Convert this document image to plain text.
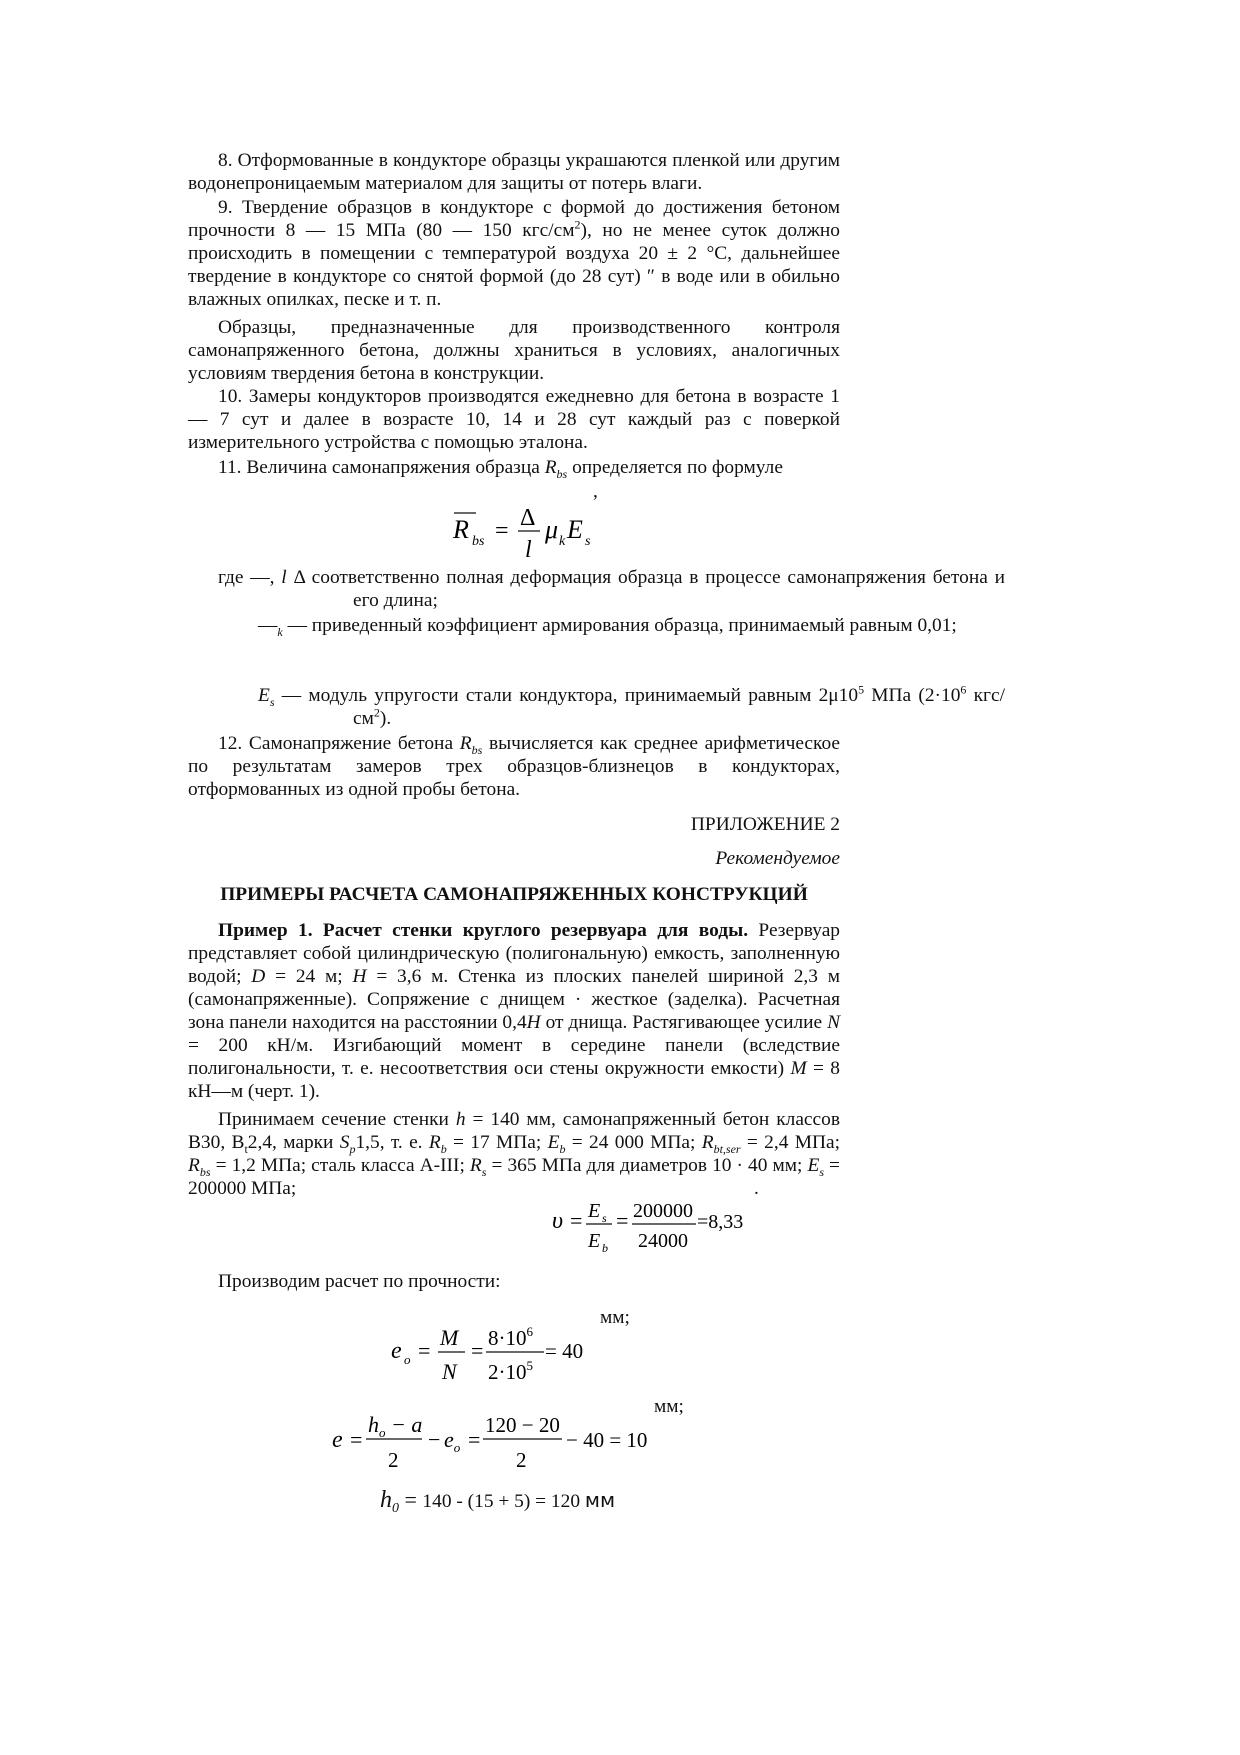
8. Отформованные в кондукторе образцы украшаются пленкой или другим водонепроницаемым материалом для защиты от потерь влаги.

9. Твердение образцов в кондукторе с формой до достижения бетоном прочности 8 — 15 МПа (80 — 150 кгс/$см^2$), но не менее суток должно происходить в помещении с температурой воздуха 20 ± 2 °С, дальнейшее твердение в кондукторе со снятой формой (до 28 сут) ″ в воде или в обильно влажных опилках, песке и т. п.

Образцы, предназначенные для производственного контроля самонапряженного бетона, должны храниться в условиях, аналогичных условиям твердения бетона в конструкции.

10. Замеры кондукторов производятся ежедневно для бетона в возрасте 1 — 7 сут и далее в возрасте 10, 14 и 28 сут каждый раз с поверкой измерительного устройства с помощью эталона.

11. Величина самонапряжения образца $R_{bs}$ определяется по формуле

,
R bs = Δ
l
μ k E s

где —, l Δ соответственно полная деформация образца в процессе самонапряжения бетона и его длина;

$—_k$ — приведенный коэффициент армирования образца, принимаемый равным 0,01;

$E_s$ — модуль упругости стали кондуктора, принимаемый равным $2\mu 10^5$ МПа ($2\cdot 10^6$ кгс/$см^2$).

12. Самонапряжение бетона $R_{bs}$ вычисляется как среднее арифметическое по результатам замеров трех образцов-близнецов в кондукторах, отформованных из одной пробы бетона.

ПРИЛОЖЕНИЕ 2

Рекомендуемое

ПРИМЕРЫ РАСЧЕТА САМОНАПРЯЖЕННЫХ КОНСТРУКЦИЙ

Пример 1. Расчет стенки круглого резервуара для воды. Резервуар представляет собой цилиндрическую (полигональную) емкость, заполненную водой; D = 24 м; H = 3,6 м. Стенка из плоских панелей шириной 2,3 м (самонапряженные). Сопряжение с днищем · жесткое (заделка). Расчетная зона панели находится на расстоянии 0,4H от днища. Растягивающее усилие N = 200 кН/м. Изгибающий момент в середине панели (вследствие полигональности, т. е. несоответствия оси стены окружности емкости) M = 8 кН—м (черт. 1).

Принимаем сечение стенки h = 140 мм, самонапряженный бетон классов B30, $B_t2,4$, марки $S_p1,5$, т. е. $R_b = 17$ МПа; $E_b = 24$ 000 МПа; $R_{bt,ser} = 2,4$ МПа; $R_{bs} = 1,2$ МПа; сталь класса А-III; $R_s = 365$ МПа для диаметров 10 · 40 мм; $E_s = 200000$ МПа;	.
υ = E s
E b
= 200000
24000
=8,33

Производим расчет по прочности:

мм;
e o =
M
N
= $8\cdot 10^6$
$2\cdot 10^5$
= 40
мм;
e =
$h_o - a$
2
− $e_o$ =
120 − 20
2
− 40 = 10
$h_0 = 140 - (15 + 5) = 120$ мм
